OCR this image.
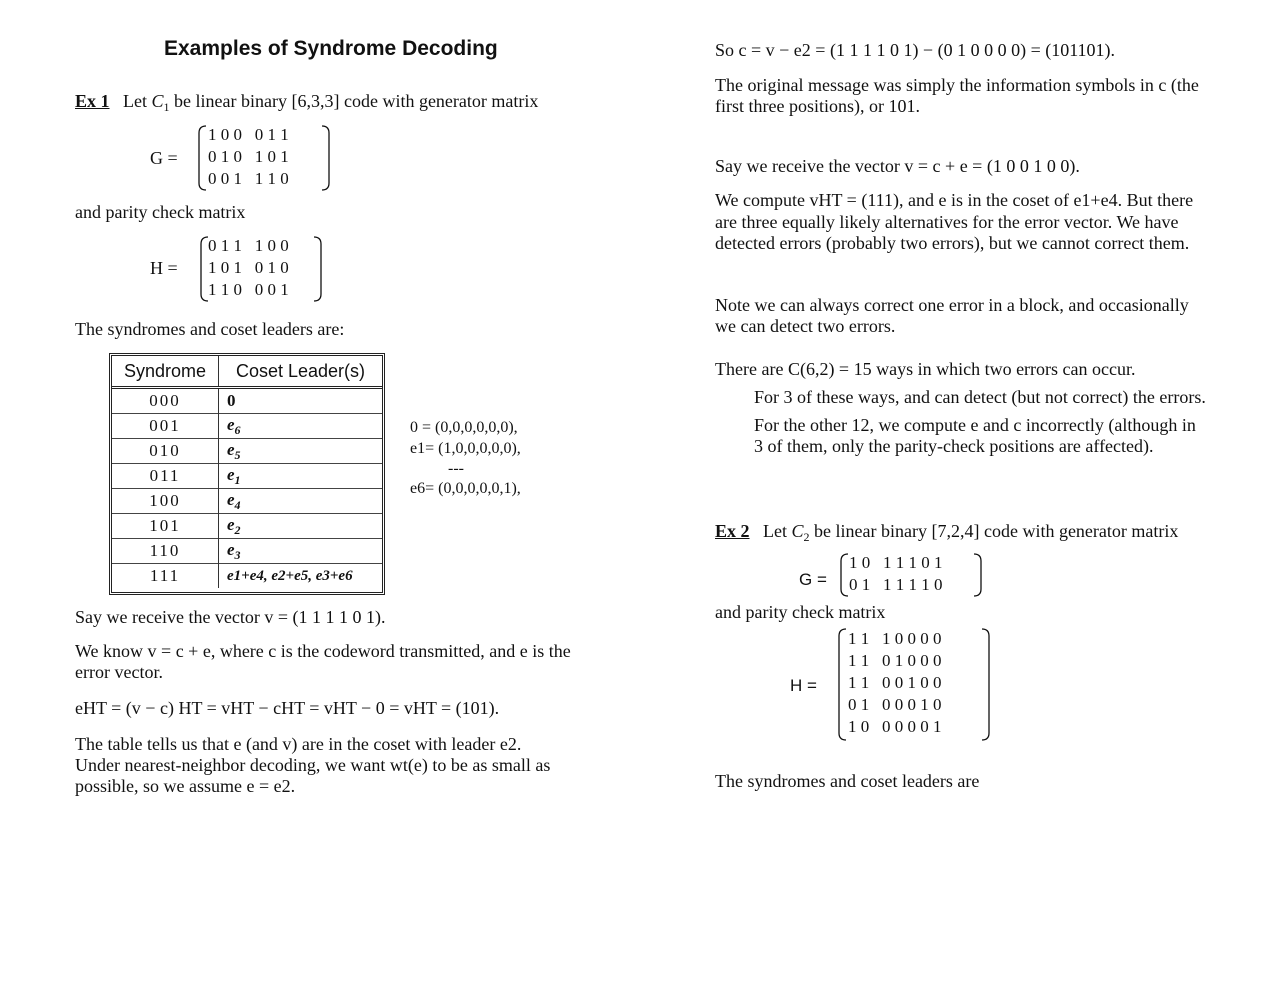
Examples of Syndrome Decoding

Ex 1 Let $C_1$ be linear binary [6,3,3] code with generator matrix

G =
1 0 0   0 1 1
0 1 0   1 0 1
0 0 1   1 1 0

and parity check matrix

H =
0 1 1   1 0 0
1 0 1   0 1 0
1 1 0   0 0 1

The syndromes and coset leaders are:

Syndrome	Coset Leader(s)
000	0
001	$e_6$
010	$e_5$
011	$e_1$
100	$e_4$
101	$e_2$
110	$e_3$
111	e1+e4, e2+e5, e3+e6
0 = (0,0,0,0,0,0),
e1= (1,0,0,0,0,0),
---
e6= (0,0,0,0,0,1),

Say we receive the vector v = (1 1 1 1 0 1).

We know v = c + e, where c is the codeword transmitted, and e is the error vector.

eHT = (v − c) HT = vHT − cHT = vHT − 0 = vHT = (101).

The table tells us that e (and v) are in the coset with leader e2.

Under nearest-neighbor decoding, we want wt(e) to be as small as

possible, so we assume e = e2.

So c = v − e2 = (1 1 1 1 0 1) − (0 1 0 0 0 0) = (101101).

The original message was simply the information symbols in c (the

first three positions), or 101.

Say we receive the vector v = c + e = (1 0 0 1 0 0).

We compute vHT = (111), and e is in the coset of e1+e4. But there

are three equally likely alternatives for the error vector. We have

detected errors (probably two errors), but we cannot correct them.

Note we can always correct one error in a block, and occasionally

we can detect two errors.

There are C(6,2) = 15 ways in which two errors can occur.

For 3 of these ways, and can detect (but not correct) the errors.

For the other 12, we compute e and c incorrectly (although in

3 of them, only the parity-check positions are affected).

Ex 2 Let $C_2$ be linear binary [7,2,4] code with generator matrix

G =
1 0   1 1 1 0 1
0 1   1 1 1 1 0

and parity check matrix

H =
1 1   1 0 0 0 0
1 1   0 1 0 0 0
1 1   0 0 1 0 0
0 1   0 0 0 1 0
1 0   0 0 0 0 1

The syndromes and coset leaders are
